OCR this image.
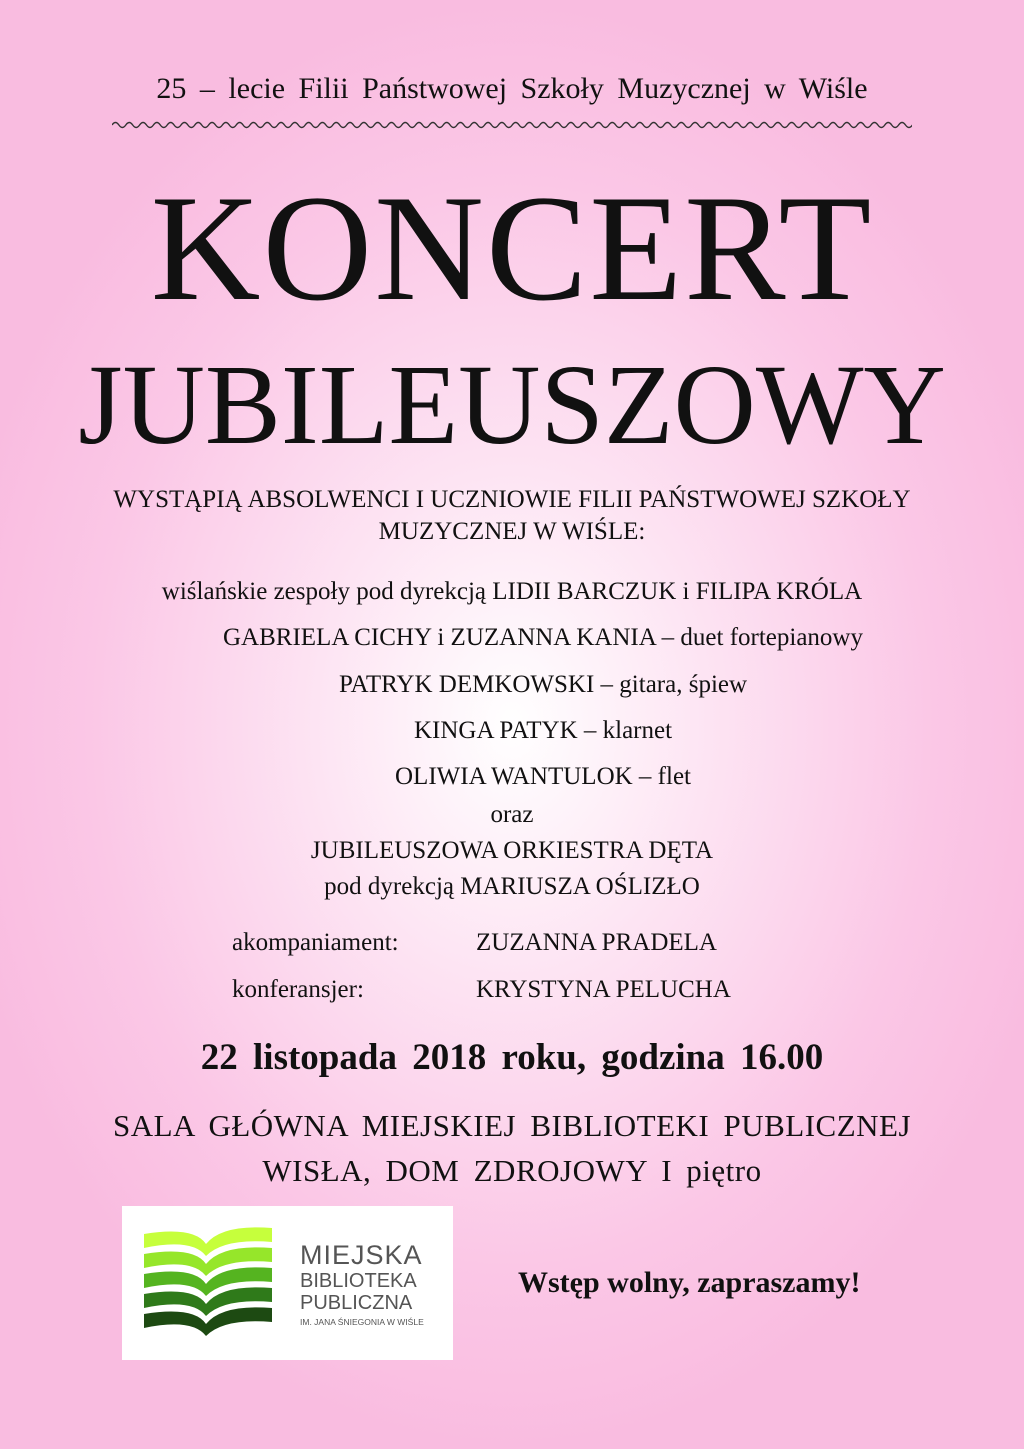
25 – lecie Filii Państwowej Szkoły Muzycznej w Wiśle
KONCERT
JUBILEUSZOWY
WYSTĄPIĄ ABSOLWENCI I UCZNIOWIE FILII PAŃSTWOWEJ SZKOŁY
MUZYCZNEJ W WIŚLE:
wiślańskie zespoły pod dyrekcją LIDII BARCZUK i FILIPA KRÓLA
GABRIELA CICHY i ZUZANNA KANIA – duet fortepianowy
PATRYK DEMKOWSKI – gitara, śpiew
KINGA PATYK – klarnet
OLIWIA WANTULOK – flet
oraz
JUBILEUSZOWA ORKIESTRA DĘTA
pod dyrekcją MARIUSZA OŚLIZŁO
akompaniament:	ZUZANNA PRADELA
konferansjer:	KRYSTYNA PELUCHA
22 listopada 2018 roku, godzina 16.00
SALA GŁÓWNA MIEJSKIEJ BIBLIOTEKI PUBLICZNEJ
WISŁA, DOM ZDROJOWY I piętro
MIEJSKA
BIBLIOTEKA
PUBLICZNA
IM. JANA ŚNIEGONIA W WIŚLE
Wstęp wolny, zapraszamy!
